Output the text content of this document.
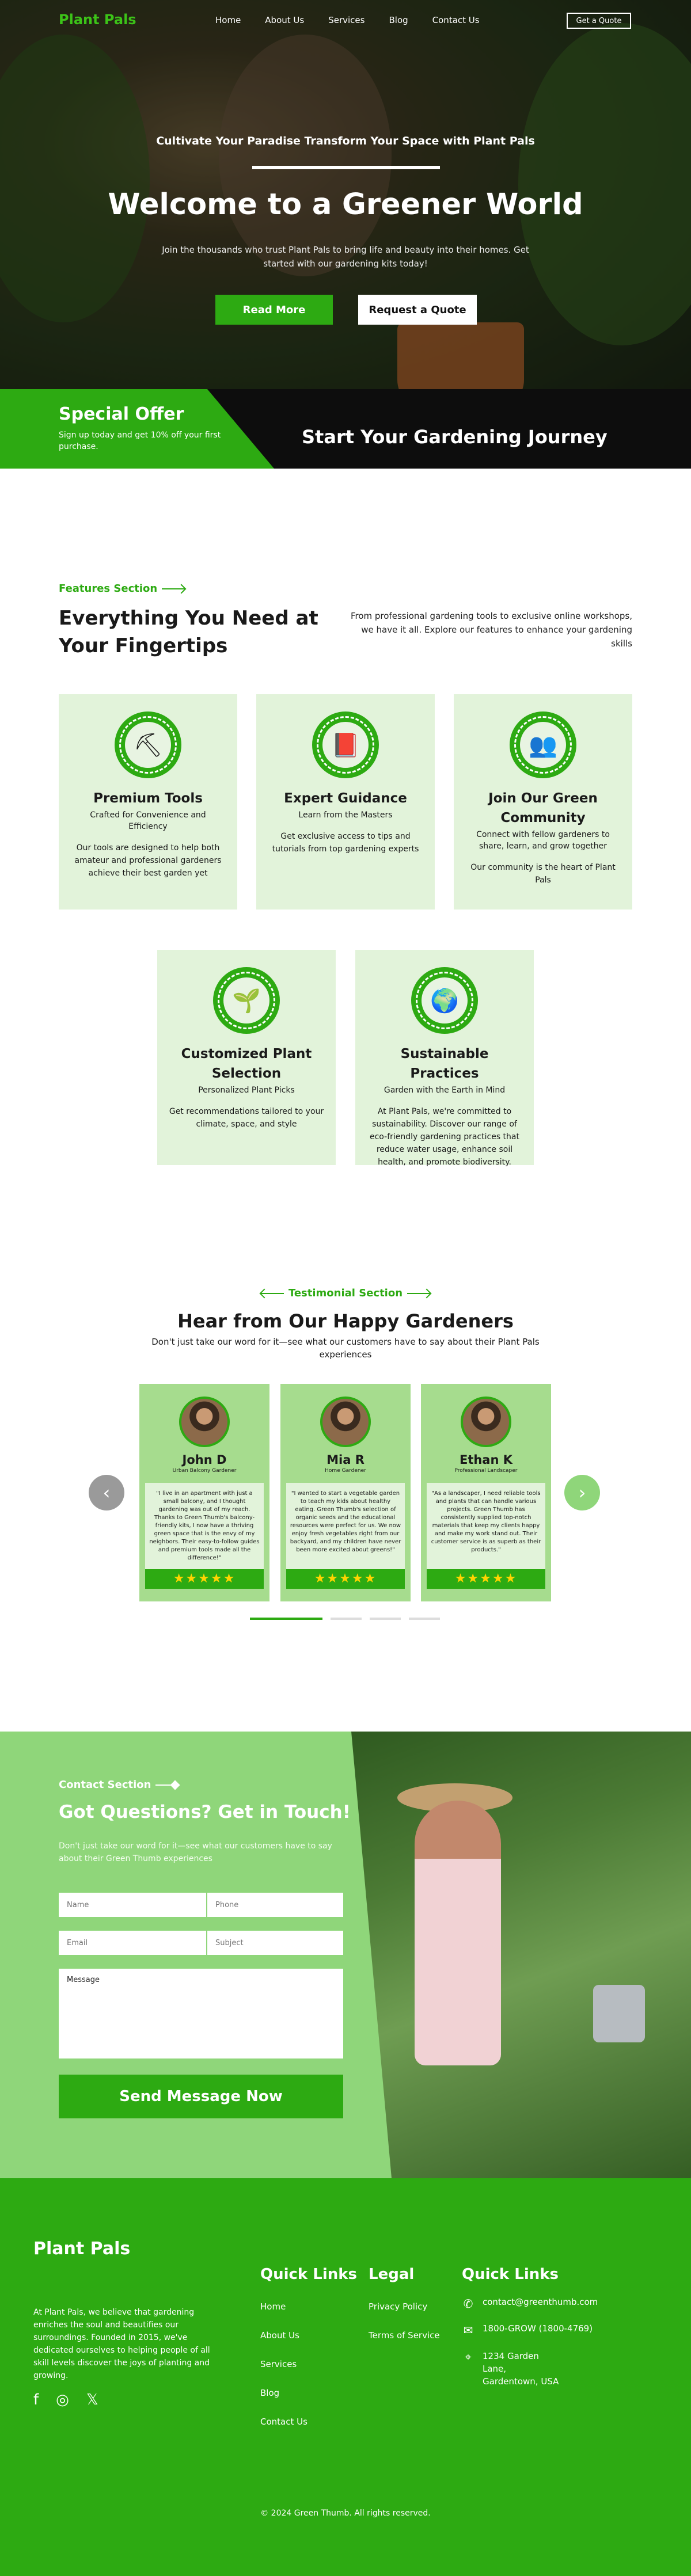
Plant Pals	Home	About Us	Services	Blog	Contact Us	Get a Quote
Cultivate Your Paradise Transform Your Space with Plant Pals
Welcome to a Greener World

Join the thousands who trust Plant Pals to bring life and beauty into their homes. Get started with our gardening kits today!

Read More	Request a Quote
Special Offer
Sign up today and get 10% off your first purchase.	Start Your Gardening Journey
Features Section
Everything You Need at Your Fingertips

From professional gardening tools to exclusive online workshops, we have it all. Explore our features to enhance your gardening skills

⛏
Premium Tools
Crafted for Convenience and Efficiency
Our tools are designed to help both amateur and professional gardeners achieve their best garden yet
📕
Expert Guidance
Learn from the Masters
Get exclusive access to tips and tutorials from top gardening experts
👥
Join Our Green Community
Connect with fellow gardeners to share, learn, and grow together
Our community is the heart of Plant Pals
🌱
Customized Plant Selection
Personalized Plant Picks
Get recommendations tailored to your climate, space, and style
🌍
Sustainable Practices
Garden with the Earth in Mind
At Plant Pals, we're committed to sustainability. Discover our range of eco-friendly gardening practices that reduce water usage, enhance soil health, and promote biodiversity.
Testimonial Section
Hear from Our Happy Gardeners

Don't just take our word for it—see what our customers have to say about their Plant Pals experiences

‹	›
John D
Urban Balcony Gardener
"I live in an apartment with just a small balcony, and I thought gardening was out of my reach. Thanks to Green Thumb's balcony-friendly kits, I now have a thriving green space that is the envy of my neighbors. Their easy-to-follow guides and premium tools made all the difference!"
★★★★★
Mia R
Home Gardener
"I wanted to start a vegetable garden to teach my kids about healthy eating. Green Thumb's selection of organic seeds and the educational resources were perfect for us. We now enjoy fresh vegetables right from our backyard, and my children have never been more excited about greens!"
★★★★★
Ethan K
Professional Landscaper
"As a landscaper, I need reliable tools and plants that can handle various projects. Green Thumb has consistently supplied top-notch materials that keep my clients happy and make my work stand out. Their customer service is as superb as their products."
★★★★★
Contact Section
Got Questions? Get in Touch!

Don't just take our word for it—see what our customers have to say about their Green Thumb experiences

Name
Phone
Email
Subject
Message
Send Message Now
Plant Pals

At Plant Pals, we believe that gardening enriches the soul and beautifies our surroundings. Founded in 2015, we've dedicated ourselves to helping people of all skill levels discover the joys of planting and growing.

f ◎ 𝕏
Quick Links
Home
About Us
Services
Blog
Contact Us
Legal
Privacy Policy
Terms of Service
Quick Links
✆ contact@greenthumb.com
✉ 1800-GROW (1800-4769)
⌖	1234 Garden Lane, Gardentown, USA
© 2024 Green Thumb. All rights reserved.
